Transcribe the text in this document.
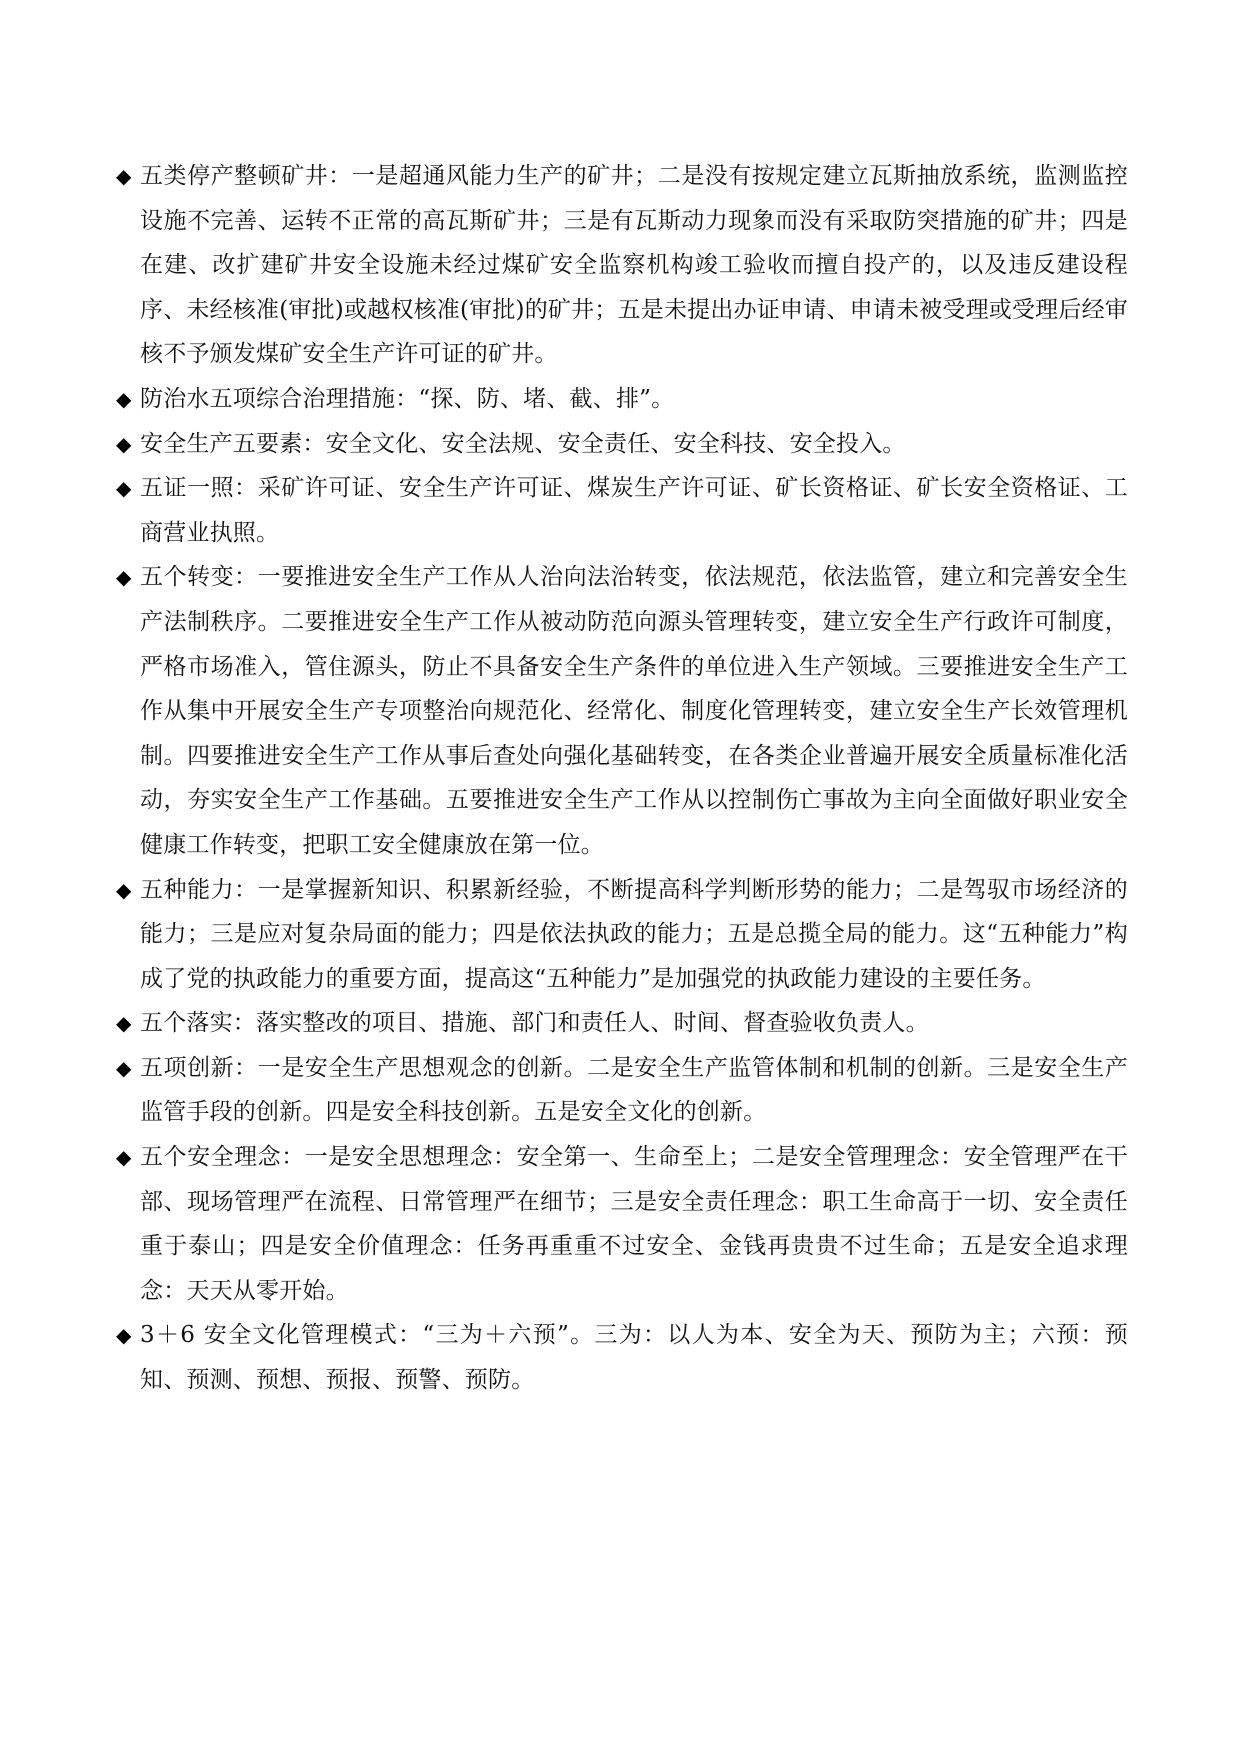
◆ 五类停产整顿矿井：一是超通风能力生产的矿井；二是没有按规定建立瓦斯抽放系统，监测监控设施不完善、运转不正常的高瓦斯矿井；三是有瓦斯动力现象而没有采取防突措施的矿井；四是在建、改扩建矿井安全设施未经过煤矿安全监察机构竣工验收而擅自投产的，以及违反建设程序、未经核准(审批)或越权核准(审批)的矿井；五是未提出办证申请、申请未被受理或受理后经审核不予颁发煤矿安全生产许可证的矿井。

◆ 防治水五项综合治理措施：“探、防、堵、截、排”。

◆ 安全生产五要素：安全文化、安全法规、安全责任、安全科技、安全投入。

◆ 五证一照：采矿许可证、安全生产许可证、煤炭生产许可证、矿长资格证、矿长安全资格证、工商营业执照。

◆ 五个转变：一要推进安全生产工作从人治向法治转变，依法规范，依法监管，建立和完善安全生产法制秩序。二要推进安全生产工作从被动防范向源头管理转变，建立安全生产行政许可制度，严格市场准入，管住源头，防止不具备安全生产条件的单位进入生产领域。三要推进安全生产工作从集中开展安全生产专项整治向规范化、经常化、制度化管理转变，建立安全生产长效管理机制。四要推进安全生产工作从事后查处向强化基础转变，在各类企业普遍开展安全质量标准化活动，夯实安全生产工作基础。五要推进安全生产工作从以控制伤亡事故为主向全面做好职业安全健康工作转变，把职工安全健康放在第一位。

◆ 五种能力：一是掌握新知识、积累新经验，不断提高科学判断形势的能力；二是驾驭市场经济的能力；三是应对复杂局面的能力；四是依法执政的能力；五是总揽全局的能力。这“五种能力”构成了党的执政能力的重要方面，提高这“五种能力”是加强党的执政能力建设的主要任务。

◆ 五个落实：落实整改的项目、措施、部门和责任人、时间、督查验收负责人。

◆ 五项创新：一是安全生产思想观念的创新。二是安全生产监管体制和机制的创新。三是安全生产监管手段的创新。四是安全科技创新。五是安全文化的创新。

◆ 五个安全理念：一是安全思想理念：安全第一、生命至上；二是安全管理理念：安全管理严在干部、现场管理严在流程、日常管理严在细节；三是安全责任理念：职工生命高于一切、安全责任重于泰山；四是安全价值理念：任务再重重不过安全、金钱再贵贵不过生命；五是安全追求理念：天天从零开始。

◆ 3＋6 安全文化管理模式：“三为＋六预”。三为：以人为本、安全为天、预防为主；六预：预知、预测、预想、预报、预警、预防。
